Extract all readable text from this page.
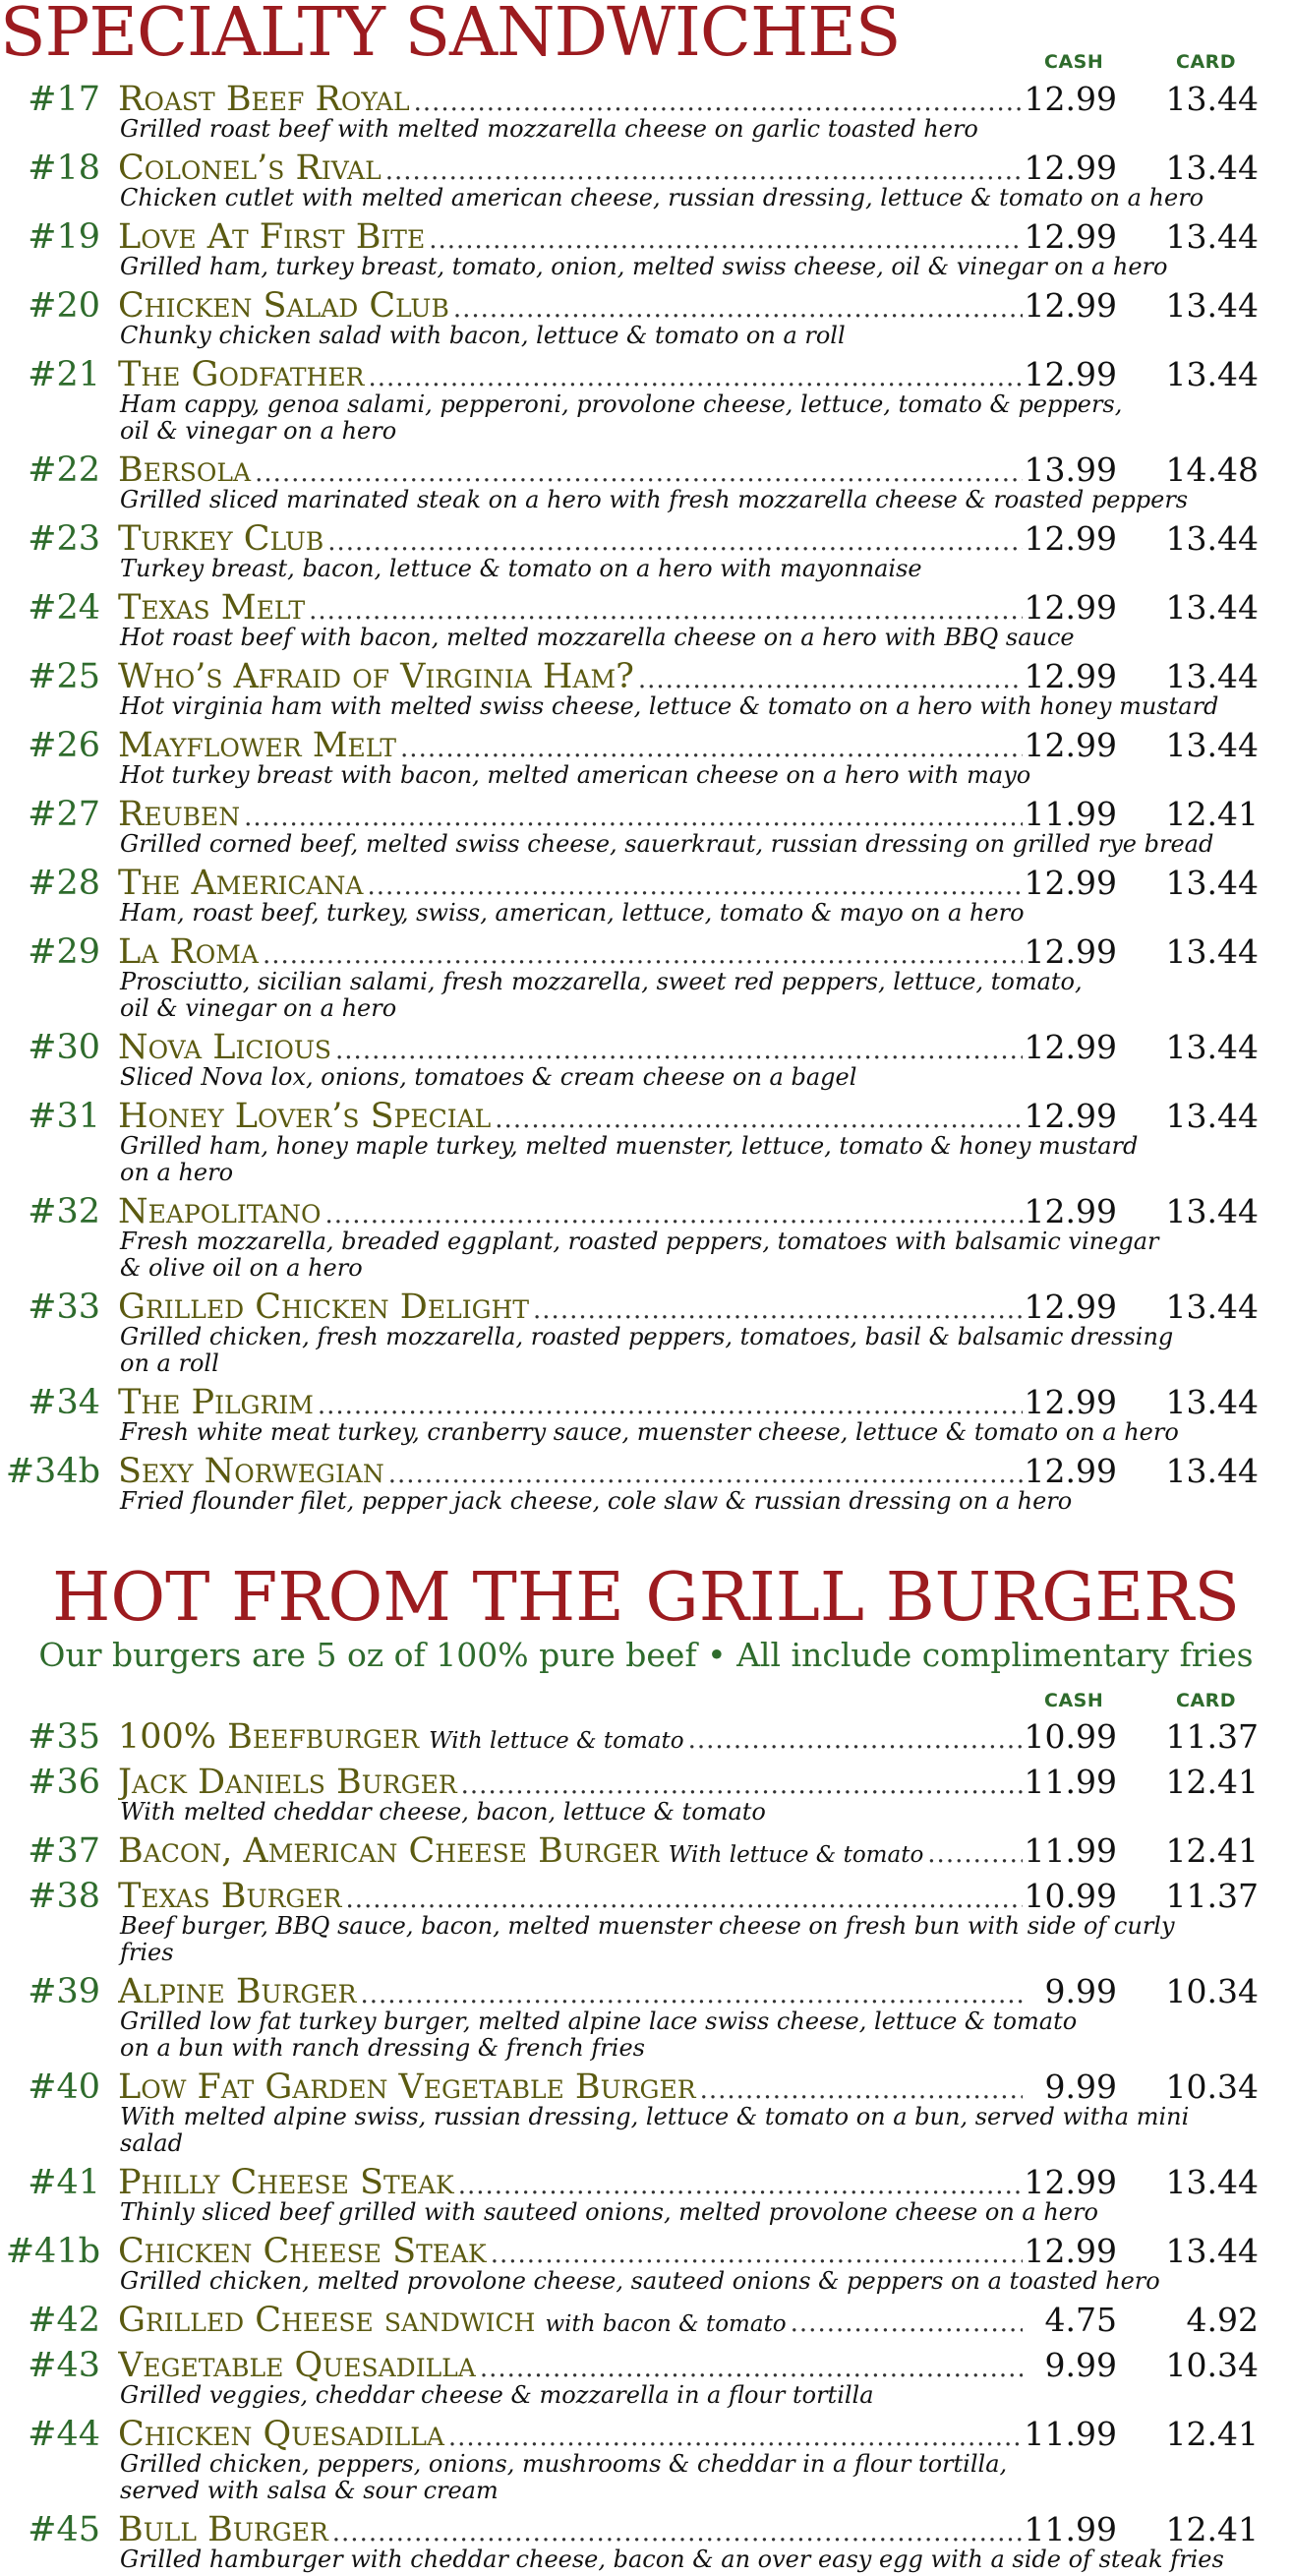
SPECIALTY SANDWICHES	CASH	CARD
#17 Roast Beef Royal .....	12.99 13.44
Grilled roast beef with melted mozzarella cheese on garlic toasted hero
#18 Colonel’s Rival .....	12.99 13.44
Chicken cutlet with melted american cheese, russian dressing, lettuce & tomato on a hero
#19 Love At First Bite .....	12.99 13.44
Grilled ham, turkey breast, tomato, onion, melted swiss cheese, oil & vinegar on a hero
#20 Chicken Salad Club .....	12.99 13.44
Chunky chicken salad with bacon, lettuce & tomato on a roll
#21 The Godfather .....	12.99 13.44
Ham cappy, genoa salami, pepperoni, provolone cheese, lettuce, tomato & peppers,
oil & vinegar on a hero
#22 Bersola .....	13.99 14.48
Grilled sliced marinated steak on a hero with fresh mozzarella cheese & roasted peppers
#23 Turkey Club .....	12.99 13.44
Turkey breast, bacon, lettuce & tomato on a hero with mayonnaise
#24 Texas Melt .....	12.99 13.44
Hot roast beef with bacon, melted mozzarella cheese on a hero with BBQ sauce
#25 Who’s Afraid of Virginia Ham? .....	12.99 13.44
Hot virginia ham with melted swiss cheese, lettuce & tomato on a hero with honey mustard
#26 Mayflower Melt .....	12.99 13.44
Hot turkey breast with bacon, melted american cheese on a hero with mayo
#27 Reuben .....	11.99 12.41
Grilled corned beef, melted swiss cheese, sauerkraut, russian dressing on grilled rye bread
#28 The Americana .....	12.99 13.44
Ham, roast beef, turkey, swiss, american, lettuce, tomato & mayo on a hero
#29 La Roma .....	12.99 13.44
Prosciutto, sicilian salami, fresh mozzarella, sweet red peppers, lettuce, tomato,
oil & vinegar on a hero
#30 Nova Licious .....	12.99 13.44
Sliced Nova lox, onions, tomatoes & cream cheese on a bagel
#31 Honey Lover’s Special .....	12.99 13.44
Grilled ham, honey maple turkey, melted muenster, lettuce, tomato & honey mustard
on a hero
#32 Neapolitano .....	12.99 13.44
Fresh mozzarella, breaded eggplant, roasted peppers, tomatoes with balsamic vinegar
& olive oil on a hero
#33 Grilled Chicken Delight .....	12.99 13.44
Grilled chicken, fresh mozzarella, roasted peppers, tomatoes, basil & balsamic dressing
on a roll
#34 The Pilgrim .....	12.99 13.44
Fresh white meat turkey, cranberry sauce, muenster cheese, lettuce & tomato on a hero
#34b Sexy Norwegian .....	12.99 13.44
Fried flounder filet, pepper jack cheese, cole slaw & russian dressing on a hero
HOT FROM THE GRILL BURGERS
Our burgers are 5 oz of 100% pure beef • All include complimentary fries
CASH	CARD
#35 100% Beefburger With lettuce & tomato .....	10.99 11.37
#36 Jack Daniels Burger .....	11.99 12.41
With melted cheddar cheese, bacon, lettuce & tomato
#37 Bacon, American Cheese Burger With lettuce & tomato .....	11.99 12.41
#38 Texas Burger .....	10.99 11.37
Beef burger, BBQ sauce, bacon, melted muenster cheese on fresh bun with side of curly fries
#39 Alpine Burger .....	9.99 10.34
Grilled low fat turkey burger, melted alpine lace swiss cheese, lettuce & tomato
on a bun with ranch dressing & french fries
#40 Low Fat Garden Vegetable Burger .....	9.99 10.34
With melted alpine swiss, russian dressing, lettuce & tomato on a bun, served witha mini salad
#41 Philly Cheese Steak .....	12.99 13.44
Thinly sliced beef grilled with sauteed onions, melted provolone cheese on a hero
#41b Chicken Cheese Steak .....	12.99 13.44
Grilled chicken, melted provolone cheese, sauteed onions & peppers on a toasted hero
#42 Grilled Cheese sandwich with bacon & tomato .....	4.75 4.92
#43 Vegetable Quesadilla .....	9.99 10.34
Grilled veggies, cheddar cheese & mozzarella in a flour tortilla
#44 Chicken Quesadilla .....	11.99 12.41
Grilled chicken, peppers, onions, mushrooms & cheddar in a flour tortilla,
served with salsa & sour cream
#45 Bull Burger .....	11.99 12.41
Grilled hamburger with cheddar cheese, bacon & an over easy egg with a side of steak fries
